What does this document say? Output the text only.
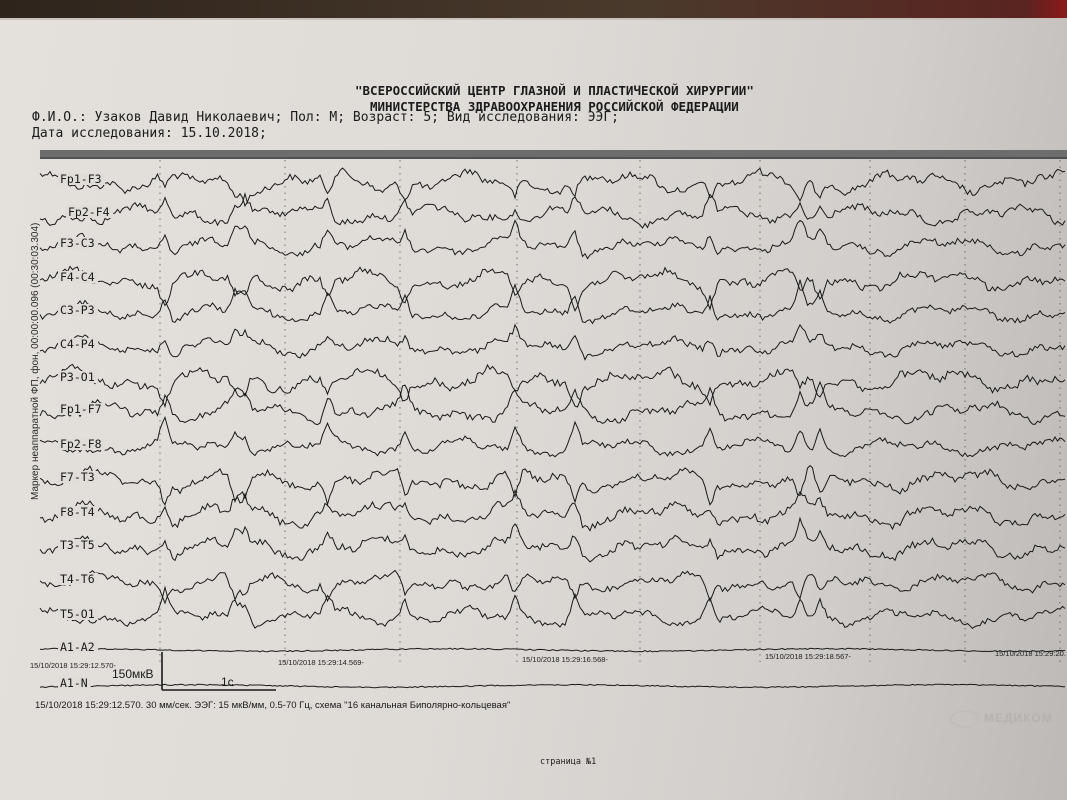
"ВСЕРОССИЙСКИЙ ЦЕНТР ГЛАЗНОЙ И ПЛАСТИЧЕСКОЙ ХИРУРГИИ"
МИНИСТЕРСТВА ЗДРАВООХРАНЕНИЯ РОССИЙСКОЙ ФЕДЕРАЦИИ
Ф.И.О.: Узаков Давид Николаевич; Пол: М; Возраст: 5; Вид исследования: ЭЭГ;
Дата исследования: 15.10.2018;
Fp1-F3
Fp2-F4
F3-C3
F4-C4
C3-P3
C4-P4
P3-O1
Fp1-F7
Fp2-F8
F7-T3
F8-T4
T3-T5
T4-T6
T5-O1
A1-A2
A1-N
15/10/2018 15:29:12.570-	15/10/2018 15:29:14.569-	15/10/2018 15:29:16.568-	15/10/2018 15:29:18.567-	15/10/2018 15:29:20.
150мкВ
1с
Маркер неаппаратной ФП, фон, 00:00:00.096 (00:30:03.304)
15/10/2018 15:29:12.570. 30 мм/сек. ЭЭГ: 15 мкВ/мм, 0.5-70 Гц, схема "16 канальная Биполярно-кольцевая"
МЕДИКОМ
страница №1
